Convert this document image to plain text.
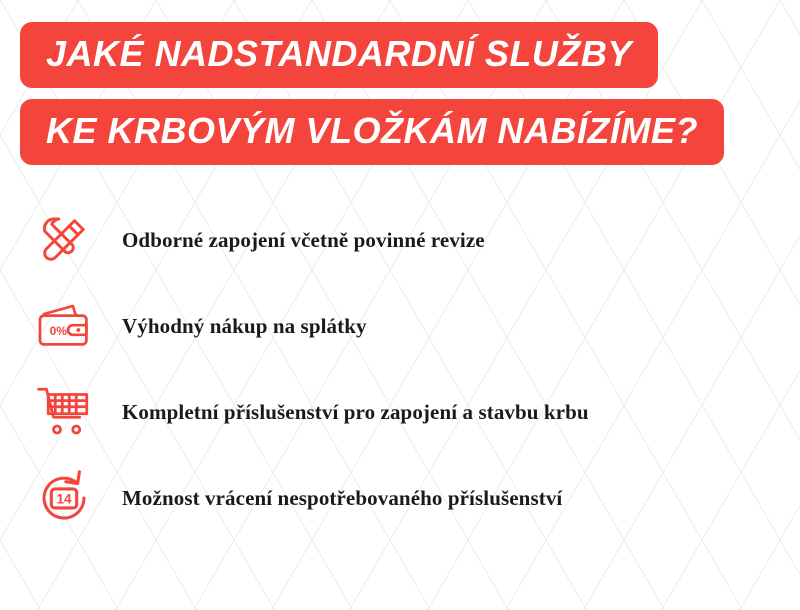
JAKÉ NADSTANDARDNÍ SLUŽBY
KE KRBOVÝM VLOŽKÁM NABÍZÍME?
Odborné zapojení včetně povinné revize
0%	Výhodný nákup na splátky
Kompletní příslušenství pro zapojení a stavbu krbu
14 Možnost vrácení nespotřebovaného příslušenství
